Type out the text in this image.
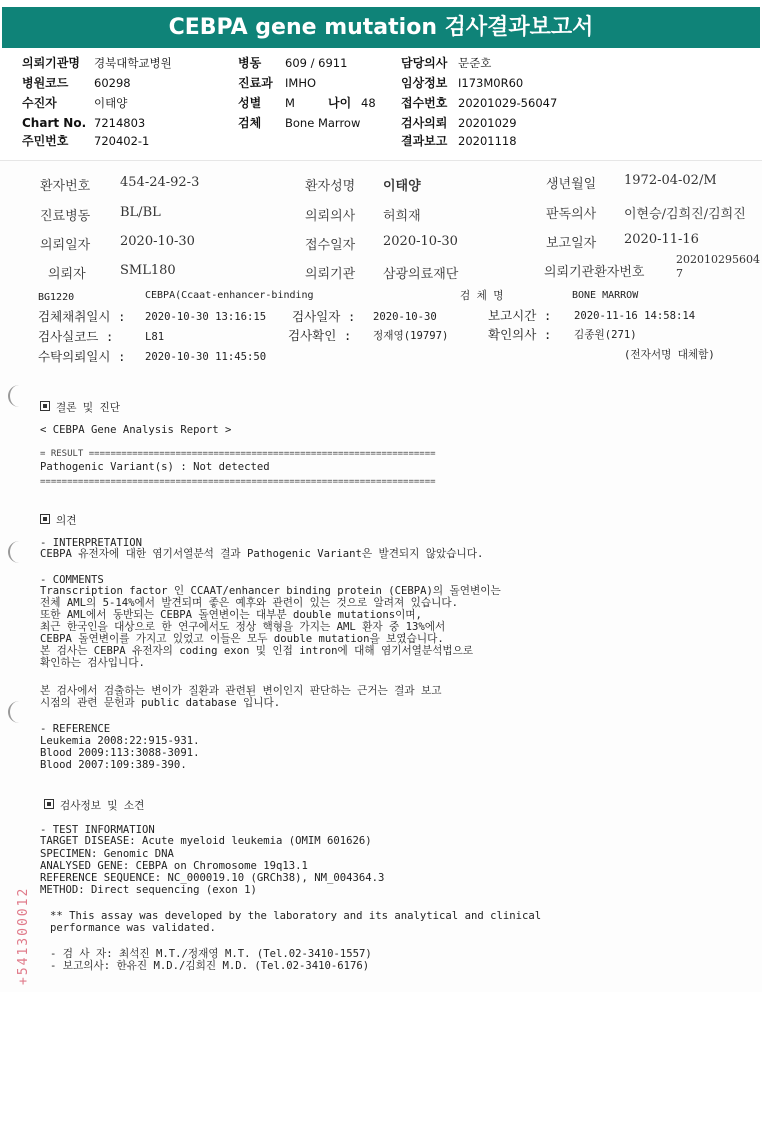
CEBPA gene mutation 검사결과보고서
의뢰기관명 경북대학교병원	병동 609 / 6911	담당의사 문준호
병원코드 60298	진료과 IMHO	임상정보 I173M0R60
수진자	이태양	성별 M	나이 48 접수번호 20201029-56047
Chart No. 7214803	검체 Bone Marrow	검사의뢰 20201029
주민번호 720402-1	결과보고 20201118
환자번호 454-24-92-3	환자성명 이태양	생년월일 1972-04-02/M
진료병동 BL/BL	의뢰의사 허희재	판독의사 이현승/김희진/김희진
의뢰일자 2020-10-30	접수일자 2020-10-30	보고일자 2020-11-16
의뢰자	SML180	의뢰기관 삼광의료재단	의뢰기관환자번호
202010295604
7
BG1220	CEBPA(Ccaat-enhancer-binding	검 체 명	BONE MARROW
검체채취일시 : 2020-10-30 13:16:15 검사일자 : 2020-10-30	보고시간 : 2020-11-16 14:58:14
검사실코드 :	L81	검사확인 : 정재영(19797)	확인의사 : 김종원(271)
수탁의뢰일시 : 2020-10-30 11:45:50	(전자서명 대체함)
결론 및 진단
< CEBPA Gene Analysis Report >
= RESULT ================================================================
Pathogenic Variant(s) : Not detected
=========================================================================
의견
- INTERPRETATION
CEBPA 유전자에 대한 염기서열분석 결과 Pathogenic Variant은 발견되지 않았습니다.
- COMMENTS
Transcription factor 인 CCAAT/enhancer binding protein (CEBPA)의 돌연변이는
전체 AML의 5-14%에서 발견되며 좋은 예후와 관련이 있는 것으로 알려져 있습니다.
또한 AML에서 동반되는 CEBPA 돌연변이는 대부분 double mutations이며,
최근 한국인을 대상으로 한 연구에서도 정상 핵형을 가지는 AML 환자 중 13%에서
CEBPA 돌연변이를 가지고 있었고 이들은 모두 double mutation을 보였습니다.
본 검사는 CEBPA 유전자의 coding exon 및 인접 intron에 대해 염기서열분석법으로
확인하는 검사입니다.
본 검사에서 검출하는 변이가 질환과 관련된 변이인지 판단하는 근거는 결과 보고
시점의 관련 문헌과 public database 입니다.
- REFERENCE
Leukemia 2008:22:915-931.
Blood 2009:113:3088-3091.
Blood 2007:109:389-390.
검사정보 및 소견
- TEST INFORMATION
TARGET DISEASE: Acute myeloid leukemia (OMIM 601626)
SPECIMEN: Genomic DNA
ANALYSED GENE: CEBPA on Chromosome 19q13.1
REFERENCE SEQUENCE: NC_000019.10 (GRCh38), NM_004364.3
METHOD: Direct sequencing (exon 1)
** This assay was developed by the laboratory and its analytical and clinical
performance was validated.
- 검 사 자: 최석진 M.T./정재영 M.T. (Tel.02-3410-1557)
- 보고의사: 한유진 M.D./김희진 M.D. (Tel.02-3410-6176)
+541300012
